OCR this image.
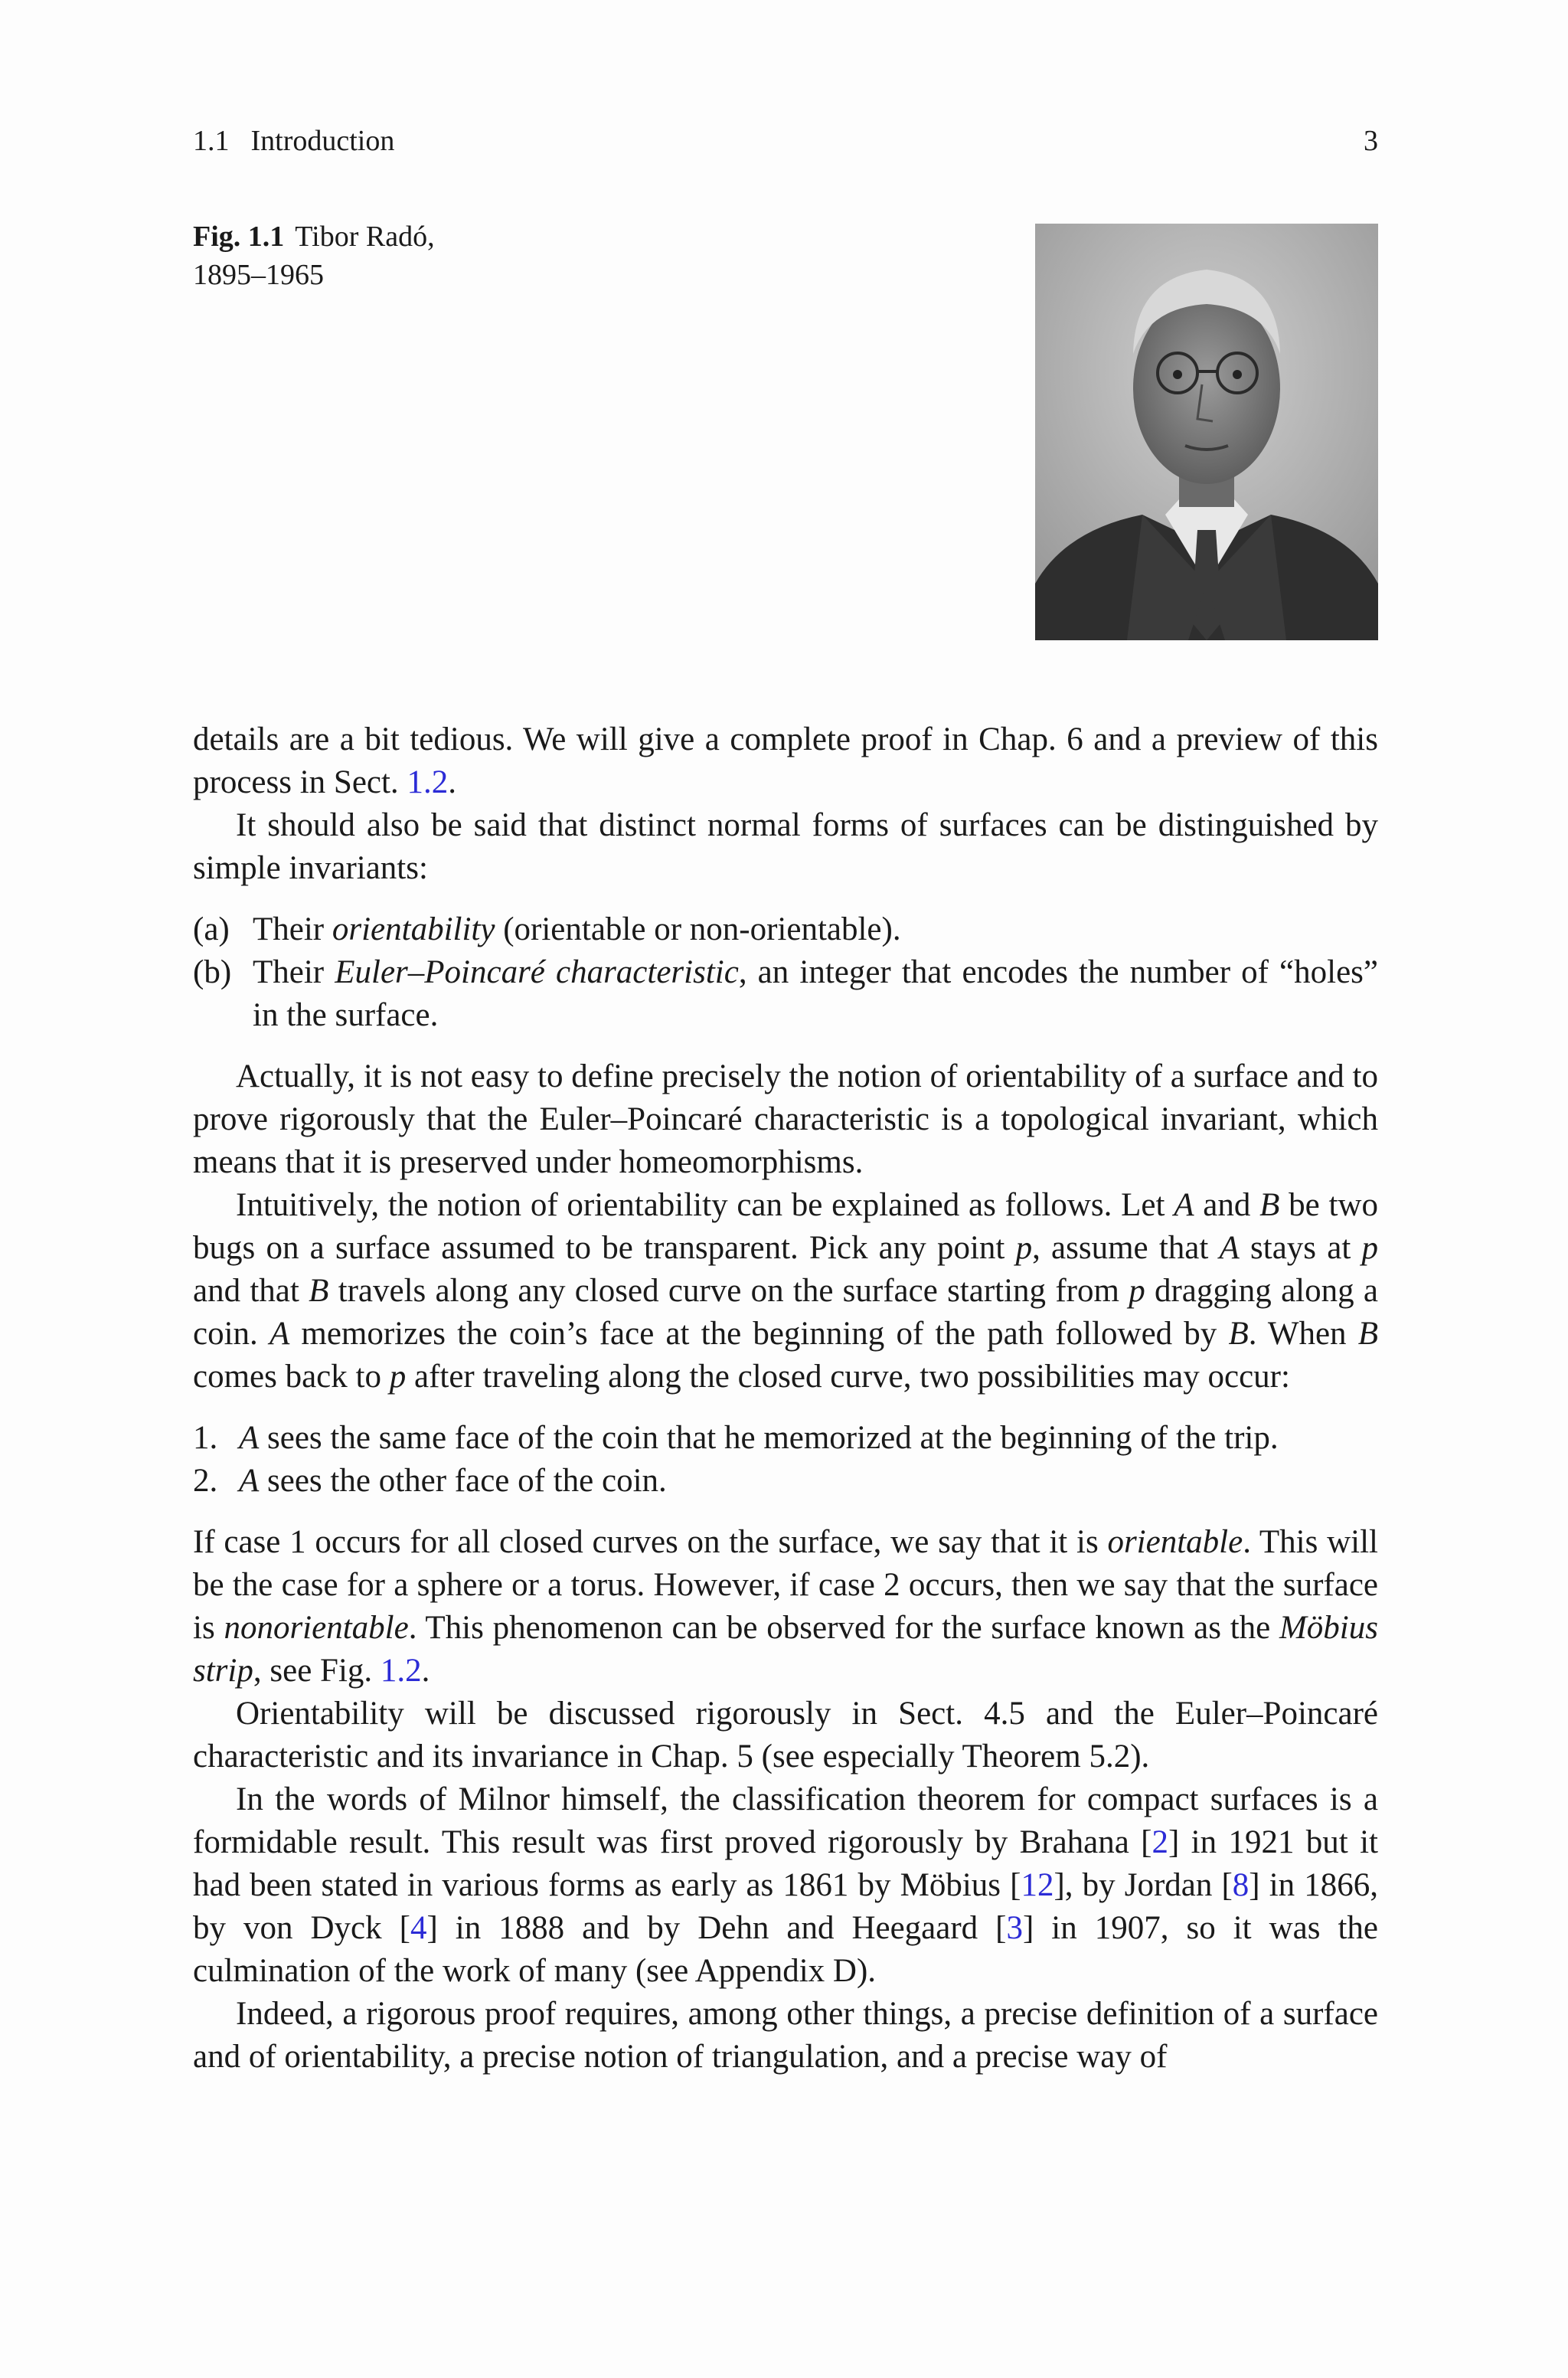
1.1 Introduction	3
Fig. 1.1 Tibor Radó, 1895–1965

details are a bit tedious. We will give a complete proof in Chap. 6 and a preview of this process in Sect. 1.2.

It should also be said that distinct normal forms of surfaces can be distinguished by simple invariants:

(a) Their orientability (orientable or non-orientable).
(b) Their Euler–Poincaré characteristic, an integer that encodes the number of “holes” in the surface.

Actually, it is not easy to define precisely the notion of orientability of a surface and to prove rigorously that the Euler–Poincaré characteristic is a topological invariant, which means that it is preserved under homeomorphisms.

Intuitively, the notion of orientability can be explained as follows. Let A and B be two bugs on a surface assumed to be transparent. Pick any point p, assume that A stays at p and that B travels along any closed curve on the surface starting from p dragging along a coin. A memorizes the coin’s face at the beginning of the path followed by B. When B comes back to p after traveling along the closed curve, two possibilities may occur:

1. A sees the same face of the coin that he memorized at the beginning of the trip.
2. A sees the other face of the coin.

If case 1 occurs for all closed curves on the surface, we say that it is orientable. This will be the case for a sphere or a torus. However, if case 2 occurs, then we say that the surface is nonorientable. This phenomenon can be observed for the surface known as the Möbius strip, see Fig. 1.2.

Orientability will be discussed rigorously in Sect. 4.5 and the Euler–Poincaré characteristic and its invariance in Chap. 5 (see especially Theorem 5.2).

In the words of Milnor himself, the classification theorem for compact surfaces is a formidable result. This result was first proved rigorously by Brahana [2] in 1921 but it had been stated in various forms as early as 1861 by Möbius [12], by Jordan [8] in 1866, by von Dyck [4] in 1888 and by Dehn and Heegaard [3] in 1907, so it was the culmination of the work of many (see Appendix D).

Indeed, a rigorous proof requires, among other things, a precise definition of a surface and of orientability, a precise notion of triangulation, and a precise way of
